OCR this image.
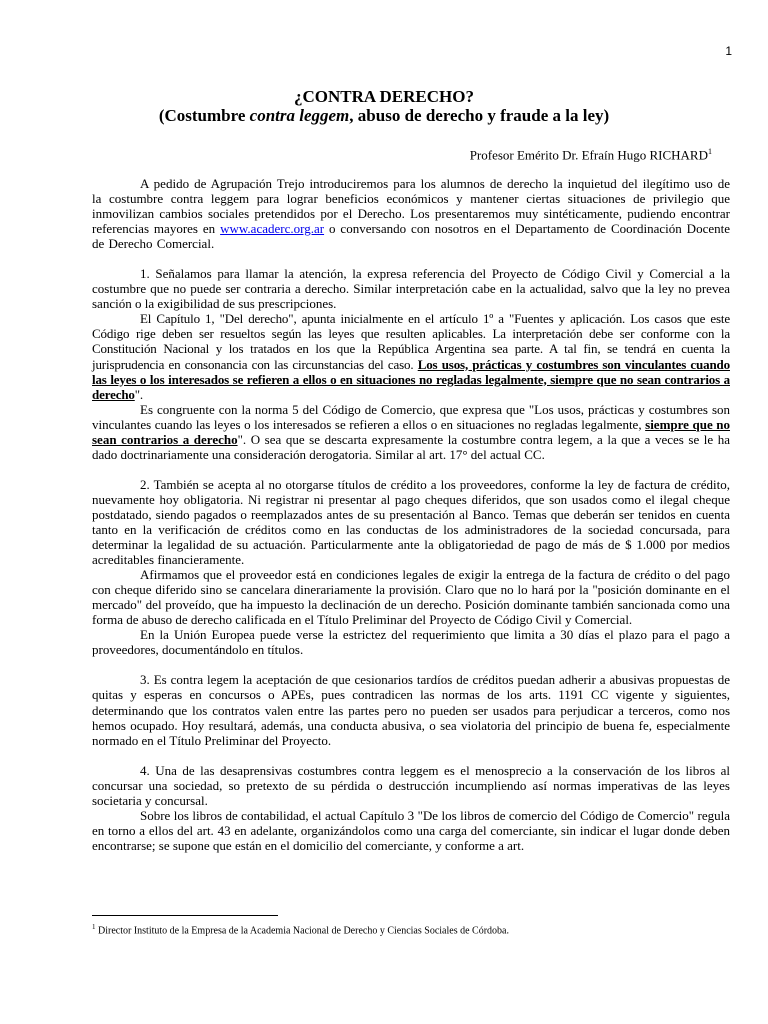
1
¿CONTRA DERECHO?
(Costumbre contra leggem, abuso de derecho y fraude a la ley)
Profesor Emérito Dr. Efraín Hugo RICHARD$^1$

A pedido de Agrupación Trejo introduciremos para los alumnos de derecho la inquietud del ilegítimo uso de la costumbre contra leggem para lograr beneficios económicos y mantener ciertas situaciones de privilegio que inmovilizan cambios sociales pretendidos por el Derecho. Los presentaremos muy sintéticamente, pudiendo encontrar referencias mayores en www.acaderc.org.ar o conversando con nosotros en el Departamento de Coordinación Docente de Derecho Comercial.

1. Señalamos para llamar la atención, la expresa referencia del Proyecto de Código Civil y Comercial a la costumbre que no puede ser contraria a derecho. Similar interpretación cabe en la actualidad, salvo que la ley no prevea sanción o la exigibilidad de sus prescripciones.

El Capítulo 1, "Del derecho", apunta inicialmente en el artículo 1º a "Fuentes y aplicación. Los casos que este Código rige deben ser resueltos según las leyes que resulten aplicables. La interpretación debe ser conforme con la Constitución Nacional y los tratados en los que la República Argentina sea parte. A tal fin, se tendrá en cuenta la jurisprudencia en consonancia con las circunstancias del caso. Los usos, prácticas y costumbres son vinculantes cuando las leyes o los interesados se refieren a ellos o en situaciones no regladas legalmente, siempre que no sean contrarios a derecho".

Es congruente con la norma 5 del Código de Comercio, que expresa que "Los usos, prácticas y costumbres son vinculantes cuando las leyes o los interesados se refieren a ellos o en situaciones no regladas legalmente, siempre que no sean contrarios a derecho". O sea que se descarta expresamente la costumbre contra legem, a la que a veces se le ha dado doctrinariamente una consideración derogatoria. Similar al art. 17° del actual CC.

2. También se acepta al no otorgarse títulos de crédito a los proveedores, conforme la ley de factura de crédito, nuevamente hoy obligatoria. Ni registrar ni presentar al pago cheques diferidos, que son usados como el ilegal cheque postdatado, siendo pagados o reemplazados antes de su presentación al Banco. Temas que deberán ser tenidos en cuenta tanto en la verificación de créditos como en las conductas de los administradores de la sociedad concursada, para determinar la legalidad de su actuación. Particularmente ante la obligatoriedad de pago de más de $ 1.000 por medios acreditables financieramente.

Afirmamos que el proveedor está en condiciones legales de exigir la entrega de la factura de crédito o del pago con cheque diferido sino se cancelara dinerariamente la provisión. Claro que no lo hará por la "posición dominante en el mercado" del proveído, que ha impuesto la declinación de un derecho. Posición dominante también sancionada como una forma de abuso de derecho calificada en el Título Preliminar del Proyecto de Código Civil y Comercial.

En la Unión Europea puede verse la estrictez del requerimiento que limita a 30 días el plazo para el pago a proveedores, documentándolo en títulos.

3. Es contra legem la aceptación de que cesionarios tardíos de créditos puedan adherir a abusivas propuestas de quitas y esperas en concursos o APEs, pues contradicen las normas de los arts. 1191 CC vigente y siguientes, determinando que los contratos valen entre las partes pero no pueden ser usados para perjudicar a terceros, como nos hemos ocupado. Hoy resultará, además, una conducta abusiva, o sea violatoria del principio de buena fe, especialmente normado en el Título Preliminar del Proyecto.

4. Una de las desaprensivas costumbres contra leggem es el menosprecio a la conservación de los libros al concursar una sociedad, so pretexto de su pérdida o destrucción incumpliendo así normas imperativas de las leyes societaria y concursal.

Sobre los libros de contabilidad, el actual Capítulo 3 "De los libros de comercio del Código de Comercio" regula en torno a ellos del art. 43 en adelante, organizándolos como una carga del comerciante, sin indicar el lugar donde deben encontrarse; se supone que están en el domicilio del comerciante, y conforme a art.

$^1$ Director Instituto de la Empresa de la Academia Nacional de Derecho y Ciencias Sociales de Córdoba.
